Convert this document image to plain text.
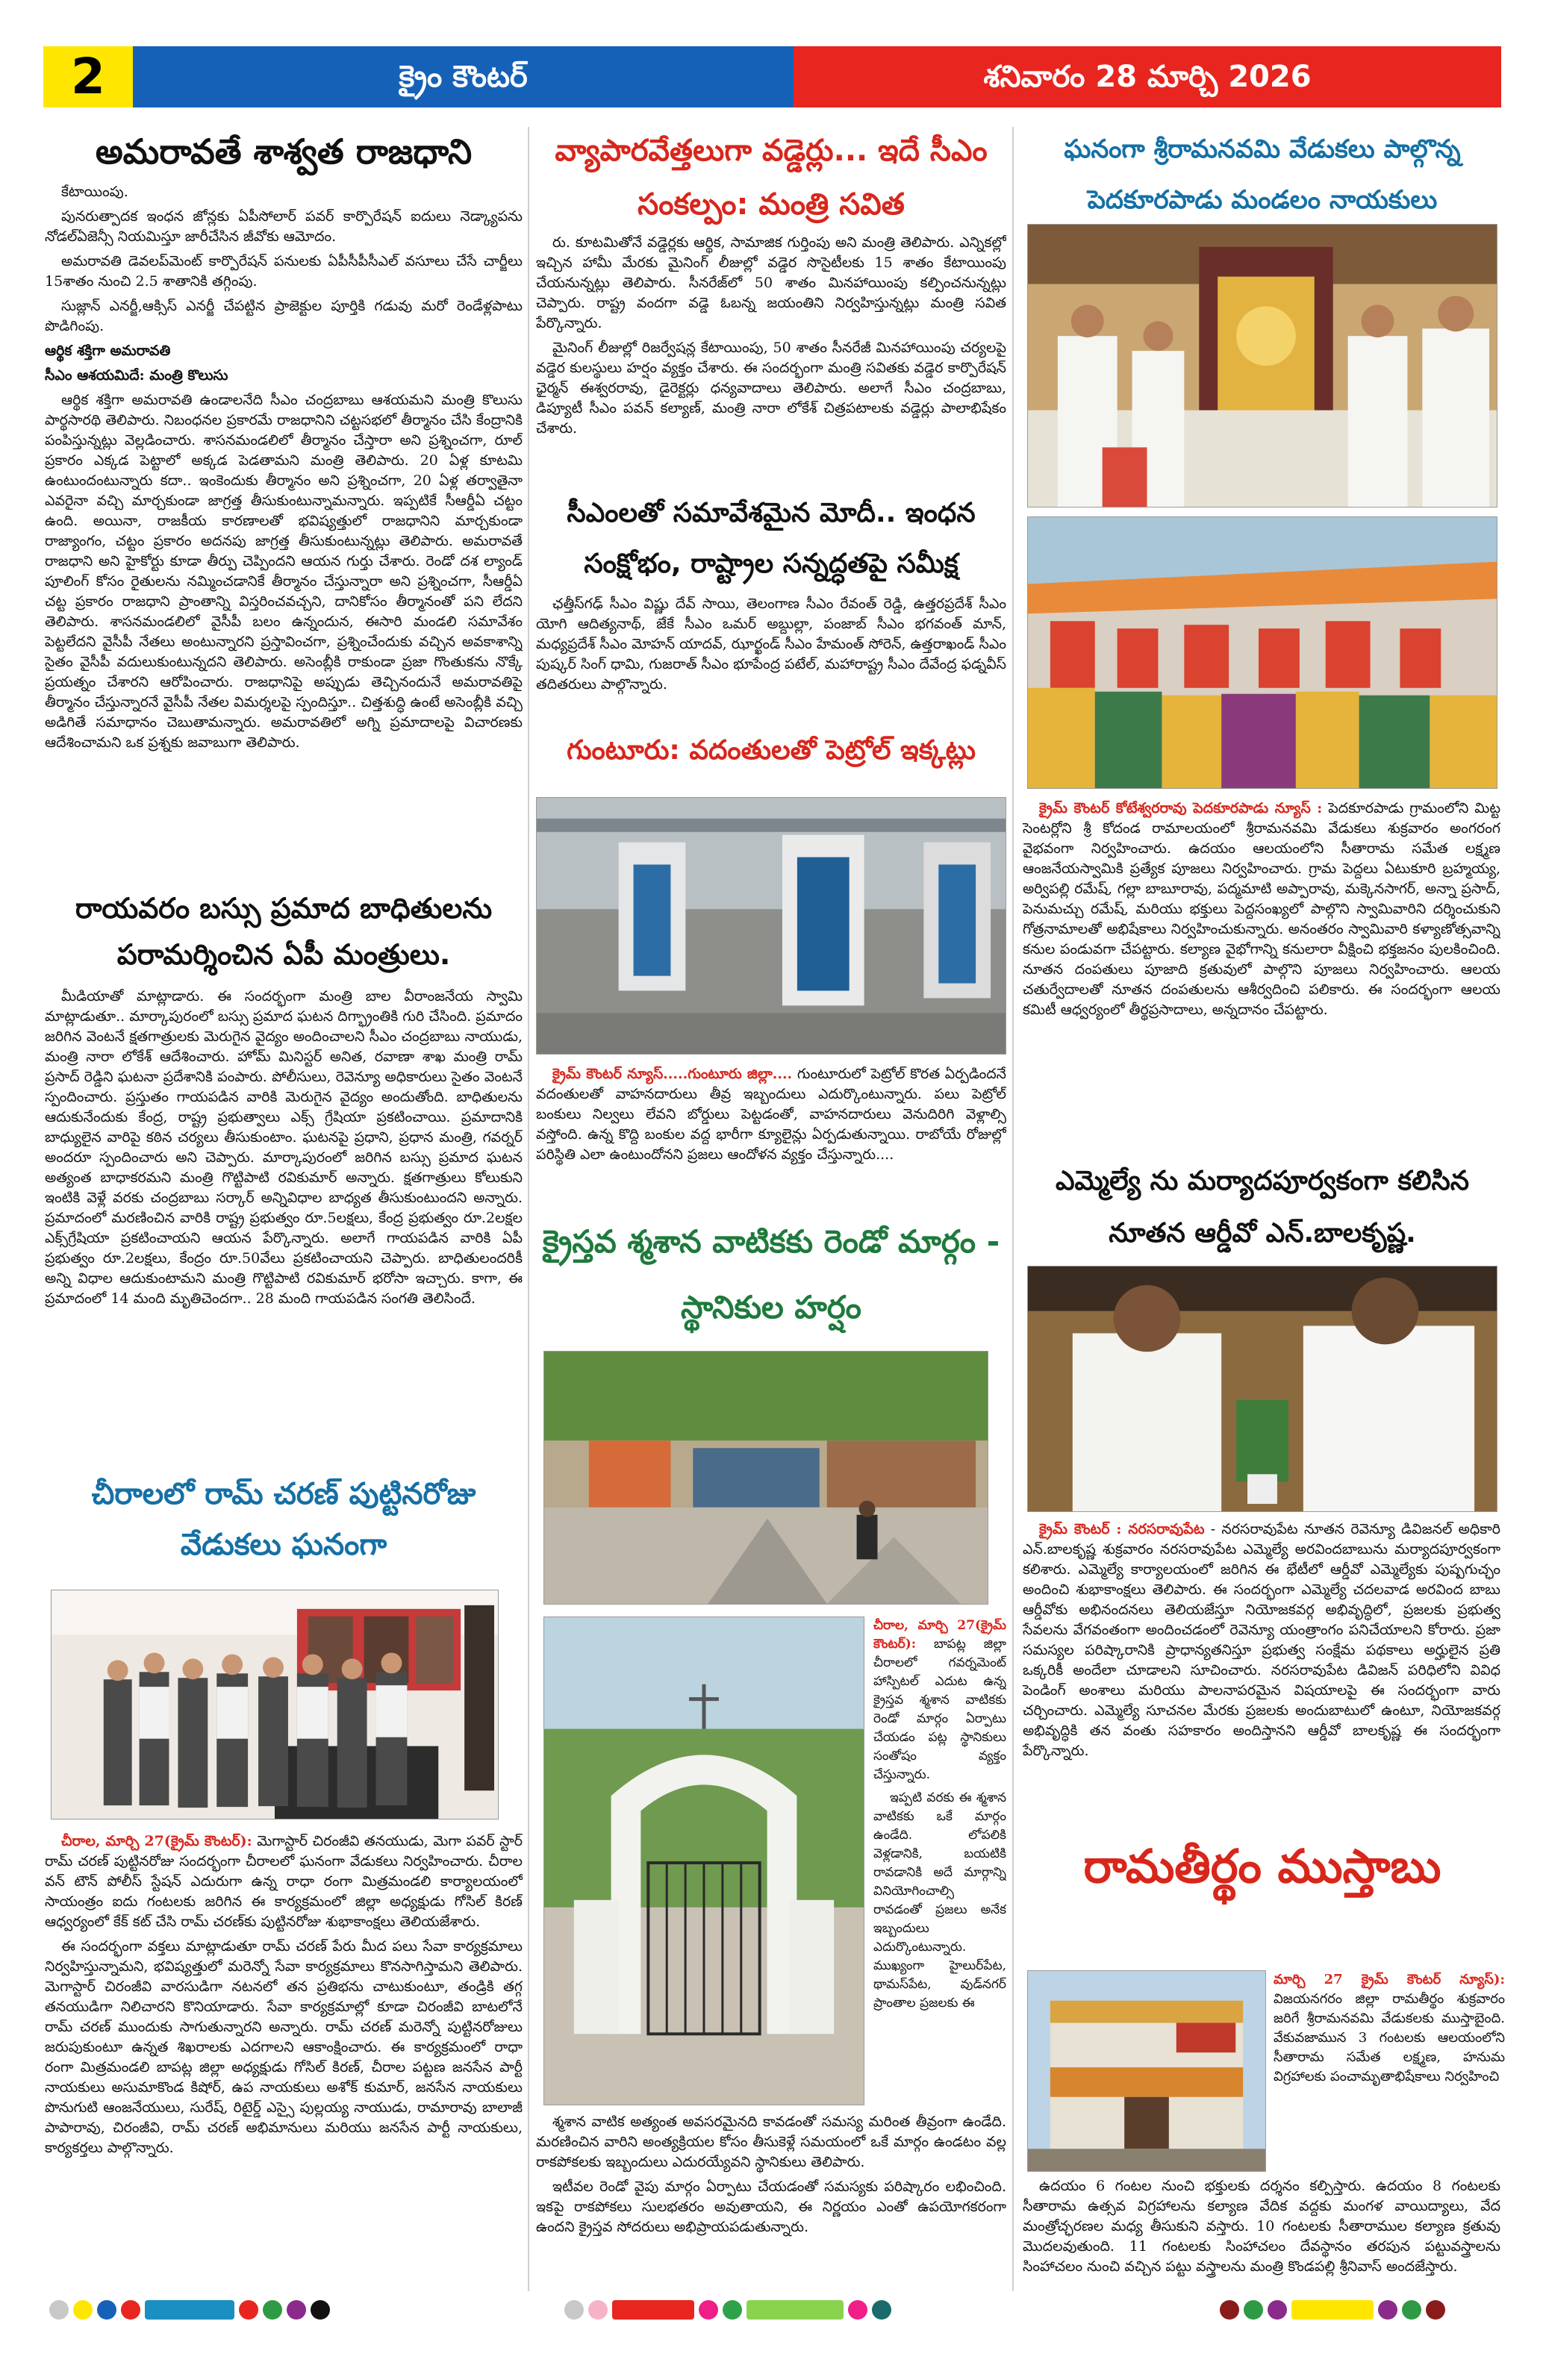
2	క్రైం కౌంటర్	శనివారం 28 మార్చి 2026
అమరావతే శాశ్వత రాజధాని

కేటాయింపు.

పునరుత్పాదక ఇంధన జోన్లకు ఏపీసోలార్ పవర్ కార్పొరేషన్ ఐదులు నెడ్క్యాపను నోడల్‌ఏజెన్సీ నియమిస్తూ జారీచేసిన జీవోకు ఆమోదం.

అమరావతి డెవలప్‌మెంట్ కార్పొరేషన్ పనులకు ఏపీసీపీసీఎల్ వసూలు చేసే చార్జీలు 15శాతం నుంచి 2.5 శాతానికి తగ్గింపు.

సుజ్లాన్ ఎనర్జీ,ఆక్సిస్ ఎనర్జీ చేపట్టిన ప్రాజెక్టుల పూర్తికి గడువు మరో రెండేళ్లపాటు పొడిగింపు.

ఆర్థిక శక్తిగా అమరావతి

సీఎం ఆశయమిదే: మంత్రి కొలుసు

ఆర్థిక శక్తిగా అమరావతి ఉండాలనేది సీఎం చంద్రబాబు ఆశయమని మంత్రి కొలుసు పార్థసారథి తెలిపారు. నిబంధనల ప్రకారమే రాజధానిని చట్టసభలో తీర్మానం చేసి కేంద్రానికి పంపిస్తున్నట్లు వెల్లడించారు. శాసనమండలిలో తీర్మానం చేస్తారా అని ప్రశ్నించగా, రూల్ ప్రకారం ఎక్కడ పెట్టాలో అక్కడ పెడతామని మంత్రి తెలిపారు. 20 ఏళ్ల కూటమి ఉంటుందంటున్నారు కదా.. ఇంకెందుకు తీర్మానం అని ప్రశ్నించగా, 20 ఏళ్ల తర్వాతైనా ఎవరైనా వచ్చి మార్చకుండా జాగ్రత్త తీసుకుంటున్నామన్నారు. ఇప్పటికే సీఆర్డీఏ చట్టం ఉంది. అయినా, రాజకీయ కారణాలతో భవిష్యత్తులో రాజధానిని మార్చకుండా రాజ్యాంగం, చట్టం ప్రకారం అదనపు జాగ్రత్త తీసుకుంటున్నట్లు తెలిపారు. అమరావతే రాజధాని అని హైకోర్టు కూడా తీర్పు చెప్పిందని ఆయన గుర్తు చేశారు. రెండో దశ ల్యాండ్ పూలింగ్ కోసం రైతులను నమ్మించడానికే తీర్మానం చేస్తున్నారా అని ప్రశ్నించగా, సీఆర్డీఏ చట్ట ప్రకారం రాజధాని ప్రాంతాన్ని విస్తరించవచ్చని, దానికోసం తీర్మానంతో పని లేదని తెలిపారు. శాసనమండలిలో వైసీపీ బలం ఉన్నందున, ఈసారి మండలి సమావేశం పెట్టలేదని వైసీపీ నేతలు అంటున్నారని ప్రస్తావించగా, ప్రశ్నించేందుకు వచ్చిన అవకాశాన్ని సైతం వైసీపీ వదులుకుంటున్నదని తెలిపారు. అసెంబ్లీకి రాకుండా ప్రజా గొంతుకను నొక్కే ప్రయత్నం చేశారని ఆరోపించారు. రాజధానిపై అప్పుడు తెచ్చినందునే అమరావతిపై తీర్మానం చేస్తున్నారనే వైసీపీ నేతల విమర్శలపై స్పందిస్తూ.. చిత్తశుద్ధి ఉంటే అసెంబ్లీకి వచ్చి అడిగితే సమాధానం చెబుతామన్నారు. అమరావతిలో అగ్ని ప్రమాదాలపై విచారణకు ఆదేశించామని ఒక ప్రశ్నకు జవాబుగా తెలిపారు.

రాయవరం బస్సు ప్రమాద బాధితులను పరామర్శించిన ఏపీ మంత్రులు.

మీడియాతో మాట్లాడారు. ఈ సందర్భంగా మంత్రి బాల వీరాంజనేయ స్వామి మాట్లాడుతూ.. మార్కాపురంలో బస్సు ప్రమాద ఘటన దిగ్భ్రాంతికి గురి చేసింది. ప్రమాదం జరిగిన వెంటనే క్షతగాత్రులకు మెరుగైన వైద్యం అందించాలని సీఎం చంద్రబాబు నాయుడు, మంత్రి నారా లోకేశ్ ఆదేశించారు. హోమ్ మినిస్టర్ అనిత, రవాణా శాఖ మంత్రి రామ్ ప్రసాద్ రెడ్డిని ఘటనా ప్రదేశానికి పంపారు. పోలీసులు, రెవెన్యూ అధికారులు సైతం వెంటనే స్పందించారు. ప్రస్తుతం గాయపడిన వారికి మెరుగైన వైద్యం అందుతోంది. బాధితులను ఆదుకునేందుకు కేంద్ర, రాష్ట్ర ప్రభుత్వాలు ఎక్స్ గ్రేషియా ప్రకటించాయి. ప్రమాదానికి బాధ్యులైన వారిపై కఠిన చర్యలు తీసుకుంటాం. ఘటనపై ప్రధాని, ప్రధాన మంత్రి, గవర్నర్ అందరూ స్పందించారు అని చెప్పారు. మార్కాపురంలో జరిగిన బస్సు ప్రమాద ఘటన అత్యంత బాధాకరమని మంత్రి గొట్టిపాటి రవికుమార్ అన్నారు. క్షతగాత్రులు కోలుకుని ఇంటికి వెళ్లే వరకు చంద్రబాబు సర్కార్ అన్నివిధాల బాధ్యత తీసుకుంటుందని అన్నారు. ప్రమాదంలో మరణించిన వారికి రాష్ట్ర ప్రభుత్వం రూ.5లక్షలు, కేంద్ర ప్రభుత్వం రూ.2లక్షల ఎక్స్‌గ్రేషియా ప్రకటించాయని ఆయన పేర్కొన్నారు. అలాగే గాయపడిన వారికి ఏపీ ప్రభుత్వం రూ.2లక్షలు, కేంద్రం రూ.50వేలు ప్రకటించాయని చెప్పారు. బాధితులందరికీ అన్ని విధాల ఆదుకుంటామని మంత్రి గొట్టిపాటి రవికుమార్ భరోసా ఇచ్చారు. కాగా, ఈ ప్రమాదంలో 14 మంది మృతిచెందగా.. 28 మంది గాయపడిన సంగతి తెలిసిందే.

చీరాలలో రామ్ చరణ్ పుట్టినరోజు వేడుకలు ఘనంగా

చీరాల, మార్చి 27(క్రైమ్ కౌంటర్): మెగాస్టార్ చిరంజీవి తనయుడు, మెగా పవర్ స్టార్ రామ్ చరణ్ పుట్టినరోజు సందర్భంగా చీరాలలో ఘనంగా వేడుకలు నిర్వహించారు. చీరాల వన్ టౌన్ పోలీస్ స్టేషన్ ఎదురుగా ఉన్న రాధా రంగా మిత్రమండలి కార్యాలయంలో సాయంత్రం ఐదు గంటలకు జరిగిన ఈ కార్యక్రమంలో జిల్లా అధ్యక్షుడు గోసిల్ కిరణ్ ఆధ్వర్యంలో కేక్ కట్ చేసి రామ్ చరణ్‌కు పుట్టినరోజు శుభాకాంక్షలు తెలియజేశారు.

ఈ సందర్భంగా వక్తలు మాట్లాడుతూ రామ్ చరణ్ పేరు మీద పలు సేవా కార్యక్రమాలు నిర్వహిస్తున్నామని, భవిష్యత్తులో మరెన్నో సేవా కార్యక్రమాలు కొనసాగిస్తామని తెలిపారు. మెగాస్టార్ చిరంజీవి వారసుడిగా నటనలో తన ప్రతిభను చాటుకుంటూ, తండ్రికి తగ్గ తనయుడిగా నిలిచారని కొనియాడారు. సేవా కార్యక్రమాల్లో కూడా చిరంజీవి బాటలోనే రామ్ చరణ్ ముందుకు సాగుతున్నారని అన్నారు. రామ్ చరణ్ మరెన్నో పుట్టినరోజులు జరుపుకుంటూ ఉన్నత శిఖరాలకు ఎదగాలని ఆకాంక్షించారు. ఈ కార్యక్రమంలో రాధా రంగా మిత్రమండలి బాపట్ల జిల్లా అధ్యక్షుడు గోసిల్ కిరణ్, చీరాల పట్టణ జనసేన పార్టీ నాయకులు అసుమాకొండ కిషోర్, ఉప నాయకులు అశోక్ కుమార్, జనసేన నాయకులు పొనుగుటి ఆంజనేయులు, సురేష్, రిటైర్డ్ ఎస్సై పుల్లయ్య నాయుడు, రామారావు బాలాజీ పాపారావు, చిరంజీవి, రామ్ చరణ్ అభిమానులు మరియు జనసేన పార్టీ నాయకులు, కార్యకర్తలు పాల్గొన్నారు.

వ్యాపారవేత్తలుగా వడ్డెర్లు... ఇదే సీఎం సంకల్పం: మంత్రి సవిత

రు. కూటమితోనే వడ్డెర్లకు ఆర్థిక, సామాజిక గుర్తింపు అని మంత్రి తెలిపారు. ఎన్నికల్లో ఇచ్చిన హామీ మేరకు మైనింగ్ లీజుల్లో వడ్డెర సొసైటీలకు 15 శాతం కేటాయింపు చేయనున్నట్లు తెలిపారు. సీనరేజ్‌లో 50 శాతం మినహాయింపు కల్పించనున్నట్లు చెప్పారు. రాష్ట్ర వందగా వడ్డె ఓబన్న జయంతిని నిర్వహిస్తున్నట్లు మంత్రి సవిత పేర్కొన్నారు.

మైనింగ్ లీజుల్లో రిజర్వేషన్ల కేటాయింపు, 50 శాతం సీనరేజీ మినహాయింపు చర్యలపై వడ్డెర కులస్థులు హర్షం వ్యక్తం చేశారు. ఈ సందర్భంగా మంత్రి సవితకు వడ్డెర కార్పొరేషన్ ఛైర్మన్ ఈశ్వరరావు, డైరెక్టర్లు ధన్యవాదాలు తెలిపారు. అలాగే సీఎం చంద్రబాబు, డిప్యూటీ సీఎం పవన్ కల్యాణ్, మంత్రి నారా లోకేశ్ చిత్రపటాలకు వడ్డెర్లు పాలాభిషేకం చేశారు.

సీఎంలతో సమావేశమైన మోదీ.. ఇంధన సంక్షోభం, రాష్ట్రాల సన్నద్ధతపై సమీక్ష

ఛత్తీస్‌గఢ్ సీఎం విష్ణు దేవ్ సాయి, తెలంగాణ సీఎం రేవంత్ రెడ్డి, ఉత్తరప్రదేశ్ సీఎం యోగి ఆదిత్యనాథ్, జేకే సీఎం ఒమర్ అబ్దుల్లా, పంజాబ్ సీఎం భగవంత్ మాన్, మధ్యప్రదేశ్ సీఎం మోహన్ యాదవ్, ఝార్ఖండ్ సీఎం హేమంత్ సోరెన్, ఉత్తరాఖండ్ సీఎం పుష్కర్ సింగ్ ధామి, గుజరాత్ సీఎం భూపేంద్ర పటేల్, మహారాష్ట్ర సీఎం దేవేంద్ర ఫడ్నవీస్ తదితరులు పాల్గొన్నారు.

గుంటూరు: వదంతులతో పెట్రోల్ ఇక్కట్లు

క్రైమ్ కౌంటర్ న్యూస్.....గుంటూరు జిల్లా.... గుంటూరులో పెట్రోల్ కొరత ఏర్పడిందనే వదంతులతో వాహనదారులు తీవ్ర ఇబ్బందులు ఎదుర్కొంటున్నారు. పలు పెట్రోల్ బంకులు నిల్వలు లేవని బోర్డులు పెట్టడంతో, వాహనదారులు వెనుదిరిగి వెళ్లాల్సి వస్తోంది. ఉన్న కొద్ది బంకుల వద్ద భారీగా క్యూలైన్లు ఏర్పడుతున్నాయి. రాబోయే రోజుల్లో పరిస్థితి ఎలా ఉంటుందోనని ప్రజలు ఆందోళన వ్యక్తం చేస్తున్నారు....

క్రైస్తవ శ్మశాన వాటికకు రెండో మార్గం - స్థానికుల హర్షం

చీరాల, మార్చి 27(క్రైమ్ కౌంటర్): బాపట్ల జిల్లా చీరాలలో గవర్నమెంట్ హాస్పిటల్ ఎదుట ఉన్న క్రైస్తవ శ్మశాన వాటికకు రెండో మార్గం ఏర్పాటు చేయడం పట్ల స్థానికులు సంతోషం వ్యక్తం చేస్తున్నారు.

ఇప్పటి వరకు ఈ శ్మశాన వాటికకు ఒకే మార్గం ఉండేది. లోపలికి వెళ్లడానికి, బయటికి రావడానికి అదే మార్గాన్ని వినియోగించాల్సి రావడంతో ప్రజలు అనేక ఇబ్బందులు ఎదుర్కొంటున్నారు. ముఖ్యంగా హైలుర్‌పేట, థామస్‌పేట, వుడ్‌నగర్ ప్రాంతాల ప్రజలకు ఈ

శ్మశాన వాటిక అత్యంత అవసరమైనది కావడంతో సమస్య మరింత తీవ్రంగా ఉండేది. మరణించిన వారిని అంత్యక్రియల కోసం తీసుకెళ్లే సమయంలో ఒకే మార్గం ఉండటం వల్ల రాకపోకలకు ఇబ్బందులు ఎదురయ్యేవని స్థానికులు తెలిపారు.

ఇటీవల రెండో వైపు మార్గం ఏర్పాటు చేయడంతో సమస్యకు పరిష్కారం లభించింది. ఇకపై రాకపోకలు సులభతరం అవుతాయని, ఈ నిర్ణయం ఎంతో ఉపయోగకరంగా ఉందని క్రైస్తవ సోదరులు అభిప్రాయపడుతున్నారు.

ఘనంగా శ్రీరామనవమి వేడుకలు పాల్గొన్న పెదకూరపాడు మండలం నాయకులు

క్రైమ్ కౌంటర్ కోటేశ్వరరావు పెదకూరపాడు న్యూస్ : పెదకూరపాడు గ్రామంలోని మిట్ట సెంటర్లోని శ్రీ కోదండ రామాలయంలో శ్రీరామనవమి వేడుకలు శుక్రవారం అంగరంగ వైభవంగా నిర్వహించారు. ఉదయం ఆలయంలోని సీతారామ సమేత లక్ష్మణ ఆంజనేయస్వామికి ప్రత్యేక పూజలు నిర్వహించారు. గ్రామ పెద్దలు ఏటుకూరి బ్రహ్మయ్య, అర్విపల్లి రమేష్, గల్లా బాబూరావు, పద్మమాటి అప్పారావు, మక్కెనసాగర్, అన్నా ప్రసాద్, పెనుమచ్చు రమేష్, మరియు భక్తులు పెద్దసంఖ్యలో పాల్గొని స్వామివారిని దర్శించుకుని గోత్రనామాలతో అభిషేకాలు నిర్వహించుకున్నారు. అనంతరం స్వామివారి కళ్యాణోత్సవాన్ని కనుల పండువగా చేపట్టారు. కల్యాణ వైభోగాన్ని కనులారా వీక్షించి భక్తజనం పులకించింది. నూతన దంపతులు పూజాది క్రతువులో పాల్గొని పూజలు నిర్వహించారు. ఆలయ చతుర్వేదాలతో నూతన దంపతులను ఆశీర్వదించి పలికారు. ఈ సందర్భంగా ఆలయ కమిటీ ఆధ్వర్యంలో తీర్థప్రసాదాలు, అన్నదానం చేపట్టారు.

ఎమ్మెల్యే ను మర్యాదపూర్వకంగా కలిసిన నూతన ఆర్డీవో ఎన్.బాలకృష్ణ.

క్రైమ్ కౌంటర్ : నరసరావుపేట - నరసరావుపేట నూతన రెవెన్యూ డివిజనల్ అధికారి ఎన్.బాలకృష్ణ శుక్రవారం నరసరావుపేట ఎమ్మెల్యే అరవిందబాబును మర్యాదపూర్వకంగా కలిశారు. ఎమ్మెల్యే కార్యాలయంలో జరిగిన ఈ భేటీలో ఆర్డీవో ఎమ్మెల్యేకు పుష్పగుచ్ఛం అందించి శుభాకాంక్షలు తెలిపారు. ఈ సందర్భంగా ఎమ్మెల్యే చదలవాడ అరవింద బాబు ఆర్డీవోకు అభినందనలు తెలియజేస్తూ నియోజకవర్గ అభివృద్ధిలో, ప్రజలకు ప్రభుత్వ సేవలను వేగవంతంగా అందించడంలో రెవెన్యూ యంత్రాంగం పనిచేయాలని కోరారు. ప్రజా సమస్యల పరిష్కారానికి ప్రాధాన్యతనిస్తూ ప్రభుత్వ సంక్షేమ పథకాలు అర్హులైన ప్రతి ఒక్కరికీ అందేలా చూడాలని సూచించారు. నరసరావుపేట డివిజన్ పరిధిలోని వివిధ పెండింగ్ అంశాలు మరియు పాలనాపరమైన విషయాలపై ఈ సందర్భంగా వారు చర్చించారు. ఎమ్మెల్యే సూచనల మేరకు ప్రజలకు అందుబాటులో ఉంటూ, నియోజకవర్గ అభివృద్ధికి తన వంతు సహకారం అందిస్తానని ఆర్డీవో బాలకృష్ణ ఈ సందర్భంగా పేర్కొన్నారు.

రామతీర్థం ముస్తాబు

మార్చి 27 క్రైమ్ కౌంటర్ న్యూస్): విజయనగరం జిల్లా రామతీర్థం శుక్రవారం జరిగే శ్రీరామనవమి వేడుకలకు ముస్తాబైంది. వేకువజామున 3 గంటలకు ఆలయంలోని సీతారామ సమేత లక్ష్మణ, హనుమ విగ్రహాలకు పంచామృతాభిషేకాలు నిర్వహించి

ఉదయం 6 గంటల నుంచి భక్తులకు దర్శనం కల్పిస్తారు. ఉదయం 8 గంటలకు సీతారామ ఉత్సవ విగ్రహాలను కల్యాణ వేదిక వద్దకు మంగళ వాయిద్యాలు, వేద మంత్రోచ్ఛరణల మధ్య తీసుకుని వస్తారు. 10 గంటలకు సీతారాముల కల్యాణ క్రతువు మొదలవుతుంది. 11 గంటలకు సింహాచలం దేవస్థానం తరపున పట్టువస్త్రాలను సింహాచలం నుంచి వచ్చిన పట్టు వస్త్రాలను మంత్రి కొండపల్లి శ్రీనివాస్ అందజేస్తారు.
